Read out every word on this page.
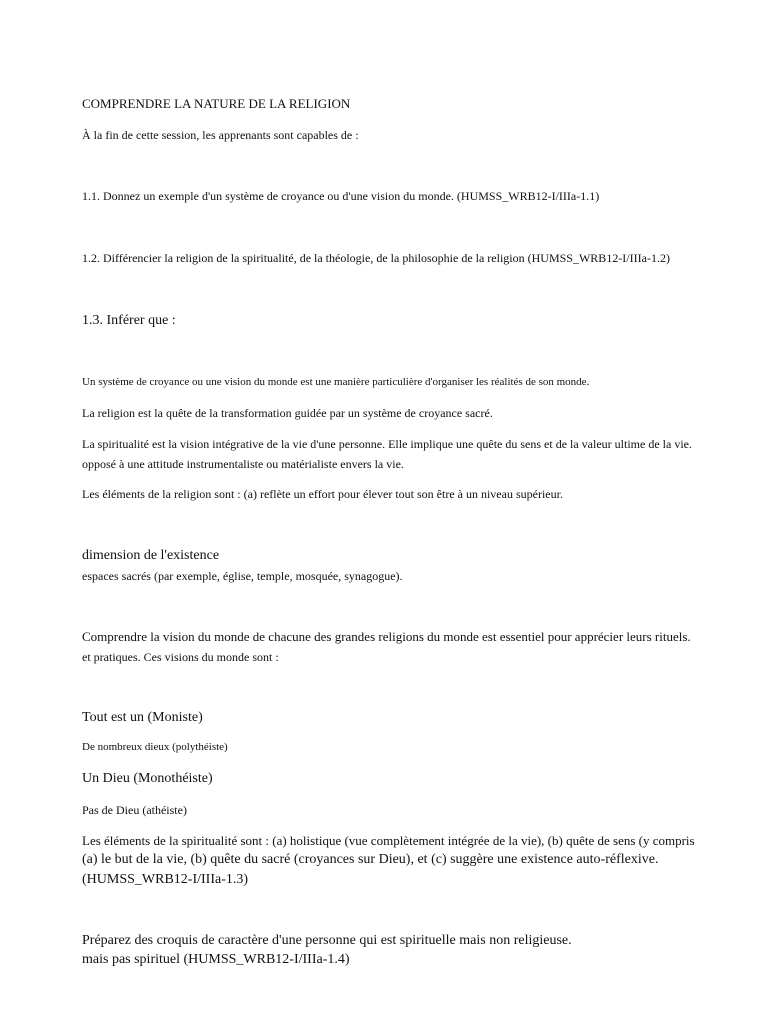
COMPRENDRE LA NATURE DE LA RELIGION

À la fin de cette session, les apprenants sont capables de :

1.1. Donnez un exemple d'un système de croyance ou d'une vision du monde. (HUMSS_WRB12-I/IIIa-1.1)

1.2. Différencier la religion de la spiritualité, de la théologie, de la philosophie de la religion (HUMSS_WRB12-I/IIIa-1.2)

1.3. Inférer que :

Un système de croyance ou une vision du monde est une manière particulière d'organiser les réalités de son monde.

La religion est la quête de la transformation guidée par un système de croyance sacré.

La spiritualité est la vision intégrative de la vie d'une personne. Elle implique une quête du sens et de la valeur ultime de la vie.

opposé à une attitude instrumentaliste ou matérialiste envers la vie.

Les éléments de la religion sont : (a) reflète un effort pour élever tout son être à un niveau supérieur.

dimension de l'existence

espaces sacrés (par exemple, église, temple, mosquée, synagogue).

Comprendre la vision du monde de chacune des grandes religions du monde est essentiel pour apprécier leurs rituels.

et pratiques. Ces visions du monde sont :

Tout est un (Moniste)

De nombreux dieux (polythéiste)

Un Dieu (Monothéiste)

Pas de Dieu (athéiste)

Les éléments de la spiritualité sont : (a) holistique (vue complètement intégrée de la vie), (b) quête de sens (y compris

(a) le but de la vie, (b) quête du sacré (croyances sur Dieu), et (c) suggère une existence auto-réflexive.

(HUMSS_WRB12-I/IIIa-1.3)

Préparez des croquis de caractère d'une personne qui est spirituelle mais non religieuse.

mais pas spirituel (HUMSS_WRB12-I/IIIa-1.4)
